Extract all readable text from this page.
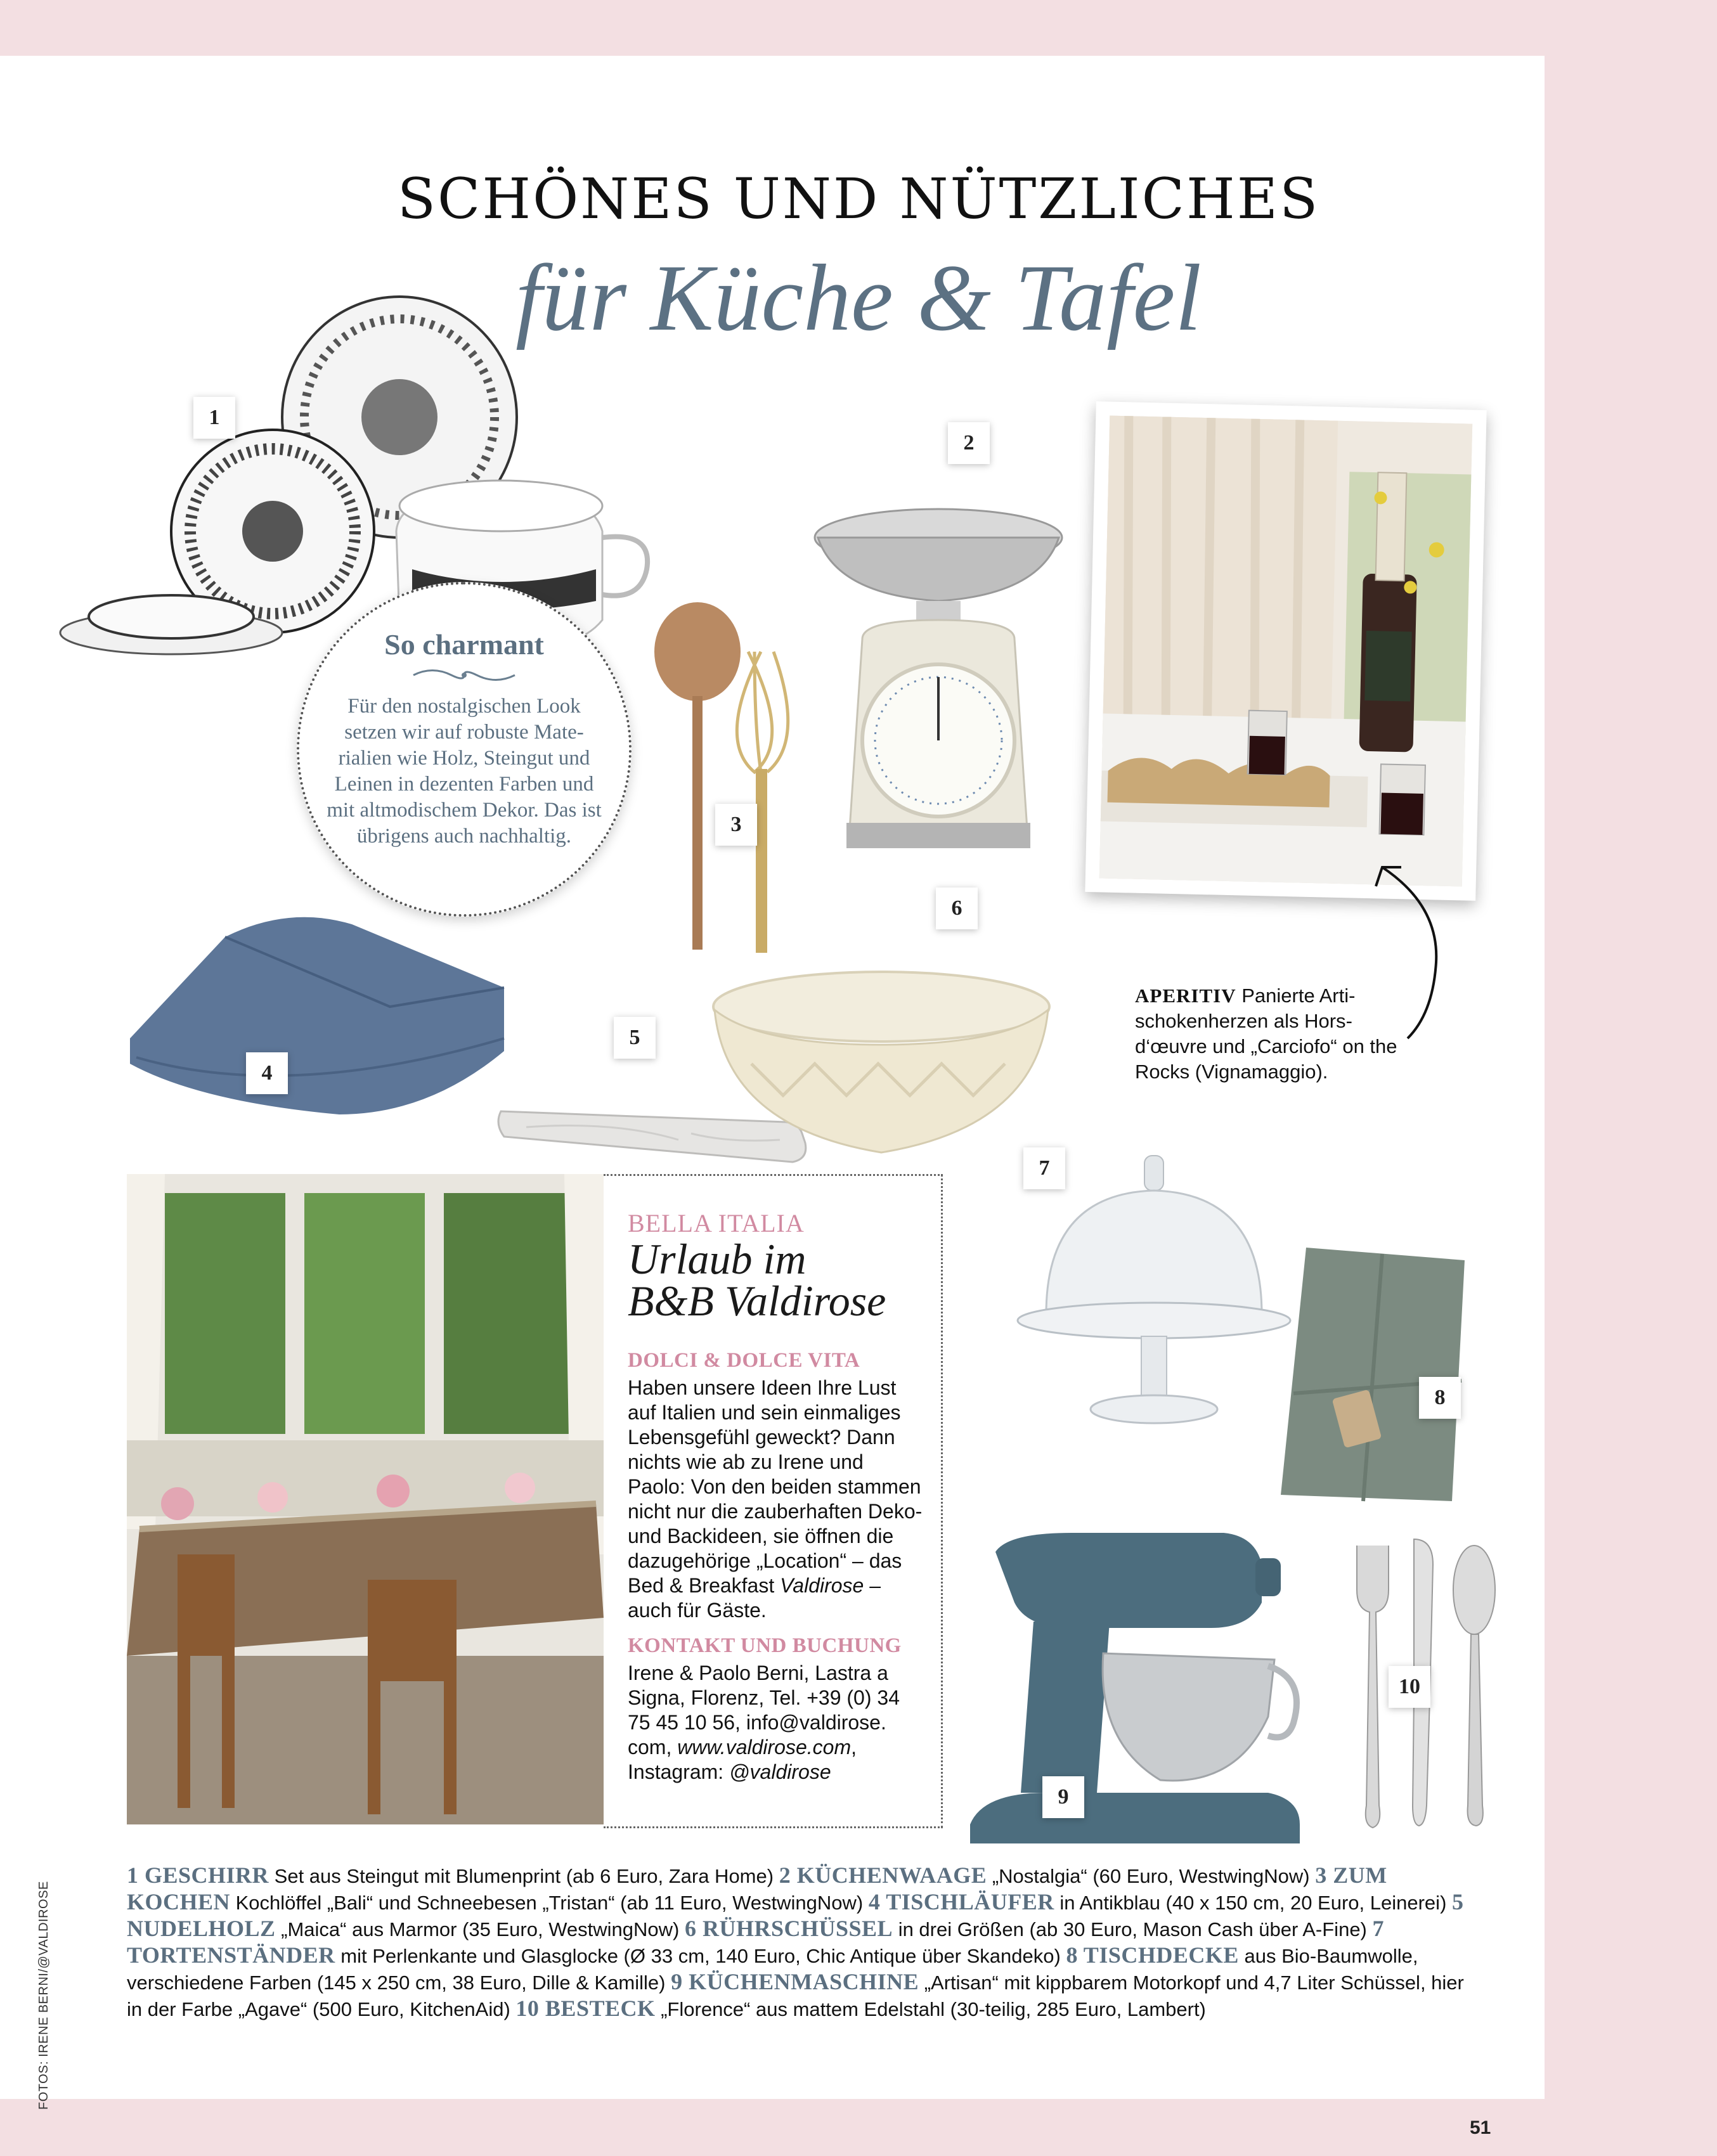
SCHÖNES UND NÜTZLICHES
für Küche & Tafel
1
2
3
4
5
6
7
8
9
10
So charmant
Für den nostalgischen Look setzen wir auf robuste Materialien wie Holz, Steingut und Leinen in dezenten Farben und mit altmodischem Dekor. Das ist übrigens auch nachhaltig.
APERITIV Panierte Artischokenherzen als Horsd‘œuvre und „Carciofo“ on the Rocks (Vignamaggio).
BELLA ITALIA
Urlaub im
B&B Valdirose
DOLCI & DOLCE VITA
Haben unsere Ideen Ihre Lust auf Italien und sein einmaliges Lebensgefühl geweckt? Dann nichts wie ab zu Irene und Paolo: Von den beiden stammen nicht nur die zauberhaften Deko- und Backideen, sie öffnen die dazugehörige „Location“ – das Bed & Breakfast Valdirose – auch für Gäste.
KONTAKT UND BUCHUNG
Irene & Paolo Berni, Lastra a Signa, Florenz, Tel. +39 (0) 34 75 45 10 56, info@valdirose. com, www.valdirose.com, Instagram: @valdirose
1 GESCHIRR Set aus Steingut mit Blumenprint (ab 6 Euro, Zara Home) 2 KÜCHENWAAGE „Nostalgia“ (60 Euro, WestwingNow) 3 ZUM KOCHEN Kochlöffel „Bali“ und Schneebesen „Tristan“ (ab 11 Euro, WestwingNow) 4 TISCHLÄUFER in Antikblau (40 x 150 cm, 20 Euro, Leinerei) 5 NUDELHOLZ „Maica“ aus Marmor (35 Euro, WestwingNow) 6 RÜHRSCHÜSSEL in drei Größen (ab 30 Euro, Mason Cash über A-Fine) 7 TORTENSTÄNDER mit Perlenkante und Glasglocke (Ø 33 cm, 140 Euro, Chic Antique über Skandeko) 8 TISCHDECKE aus Bio-Baumwolle, verschiedene Farben (145 x 250 cm, 38 Euro, Dille & Kamille) 9 KÜCHENMASCHINE „Artisan“ mit kippbarem Motorkopf und 4,7 Liter Schüssel, hier in der Farbe „Agave“ (500 Euro, KitchenAid) 10 BESTECK „Florence“ aus mattem Edelstahl (30-teilig, 285 Euro, Lambert)
51
FOTOS: IRENE BERNI/@VALDIROSE
